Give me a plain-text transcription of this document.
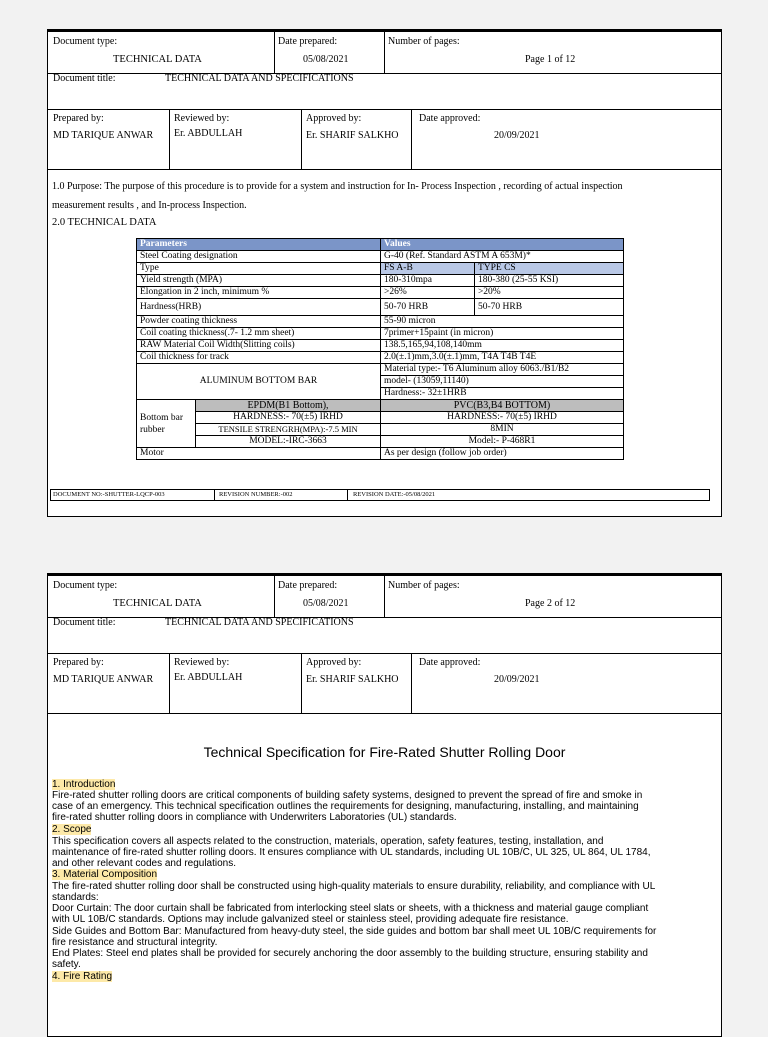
Document type:
TECHNICAL DATA
Date prepared:
05/08/2021
Number of pages:
Page 1 of 12
Document title:	TECHNICAL DATA AND SPECIFICATIONS
Prepared by:
MD TARIQUE ANWAR
Reviewed by:
Er. ABDULLAH
Approved by:
Er. SHARIF SALKHO
Date approved:
20/09/2021
1.0 Purpose: The purpose of this procedure is to provide for a system and instruction for In- Process Inspection , recording of actual inspection
measurement results , and In-process Inspection.
2.0 TECHNICAL DATA
Parameters		Values	
Steel Coating designation		G-40 (Ref. Standard ASTM A 653M)*	
Type		FS A-B	TYPE CS
Yield strength (MPA)		180-310mpa	180-380 (25-55 KSI)
Elongation in 2 inch, minimum %		>26%	>20%
Hardness(HRB)		50-70 HRB	50-70 HRB
Powder coating thickness		55-90 micron	
Coil coating thickness(.7- 1.2 mm sheet)		7primer+15paint (in micron)	
RAW Material Coil Width(Slitting coils)		138.5,165,94,108,140mm	
Coil thickness for track		2.0(±.1)mm,3.0(±.1)mm, T4A T4B T4E	
ALUMINUM BOTTOM BAR		Material type:- T6 Aluminum alloy 6063./B1/B2	
		model- (13059,11140)	
		Hardness:- 32±1HRB	
Bottom bar
rubber	EPDM(B1 Bottom),	PVC(B3,B4 BOTTOM)	
	HARDNESS:- 70(±5) IRHD	HARDNESS:- 70(±5) IRHD	
	TENSILE STRENGRH(MPA):-7.5 MIN	8MIN	
	MODEL:-IRC-3663	Model:- P-468R1	
Motor		As per design (follow job order)	
DOCUMENT NO:-SHUTTER-LQCP-003	REVISION NUMBER:-002	REVISION DATE:-05/08/2021
Document type:
TECHNICAL DATA
Date prepared:
05/08/2021
Number of pages:
Page 2 of 12
Document title:	TECHNICAL DATA AND SPECIFICATIONS
Prepared by:
MD TARIQUE ANWAR
Reviewed by:
Er. ABDULLAH
Approved by:
Er. SHARIF SALKHO
Date approved:
20/09/2021
Technical Specification for Fire-Rated Shutter Rolling Door
1. Introduction
Fire-rated shutter rolling doors are critical components of building safety systems, designed to prevent the spread of fire and smoke in
case of an emergency. This technical specification outlines the requirements for designing, manufacturing, installing, and maintaining
fire-rated shutter rolling doors in compliance with Underwriters Laboratories (UL) standards.
2. Scope
This specification covers all aspects related to the construction, materials, operation, safety features, testing, installation, and
maintenance of fire-rated shutter rolling doors. It ensures compliance with UL standards, including UL 10B/C, UL 325, UL 864, UL 1784,
and other relevant codes and regulations.
3. Material Composition
The fire-rated shutter rolling door shall be constructed using high-quality materials to ensure durability, reliability, and compliance with UL
standards:
Door Curtain: The door curtain shall be fabricated from interlocking steel slats or sheets, with a thickness and material gauge compliant
with UL 10B/C standards. Options may include galvanized steel or stainless steel, providing adequate fire resistance.
Side Guides and Bottom Bar: Manufactured from heavy-duty steel, the side guides and bottom bar shall meet UL 10B/C requirements for
fire resistance and structural integrity.
End Plates: Steel end plates shall be provided for securely anchoring the door assembly to the building structure, ensuring stability and
safety.
4. Fire Rating
